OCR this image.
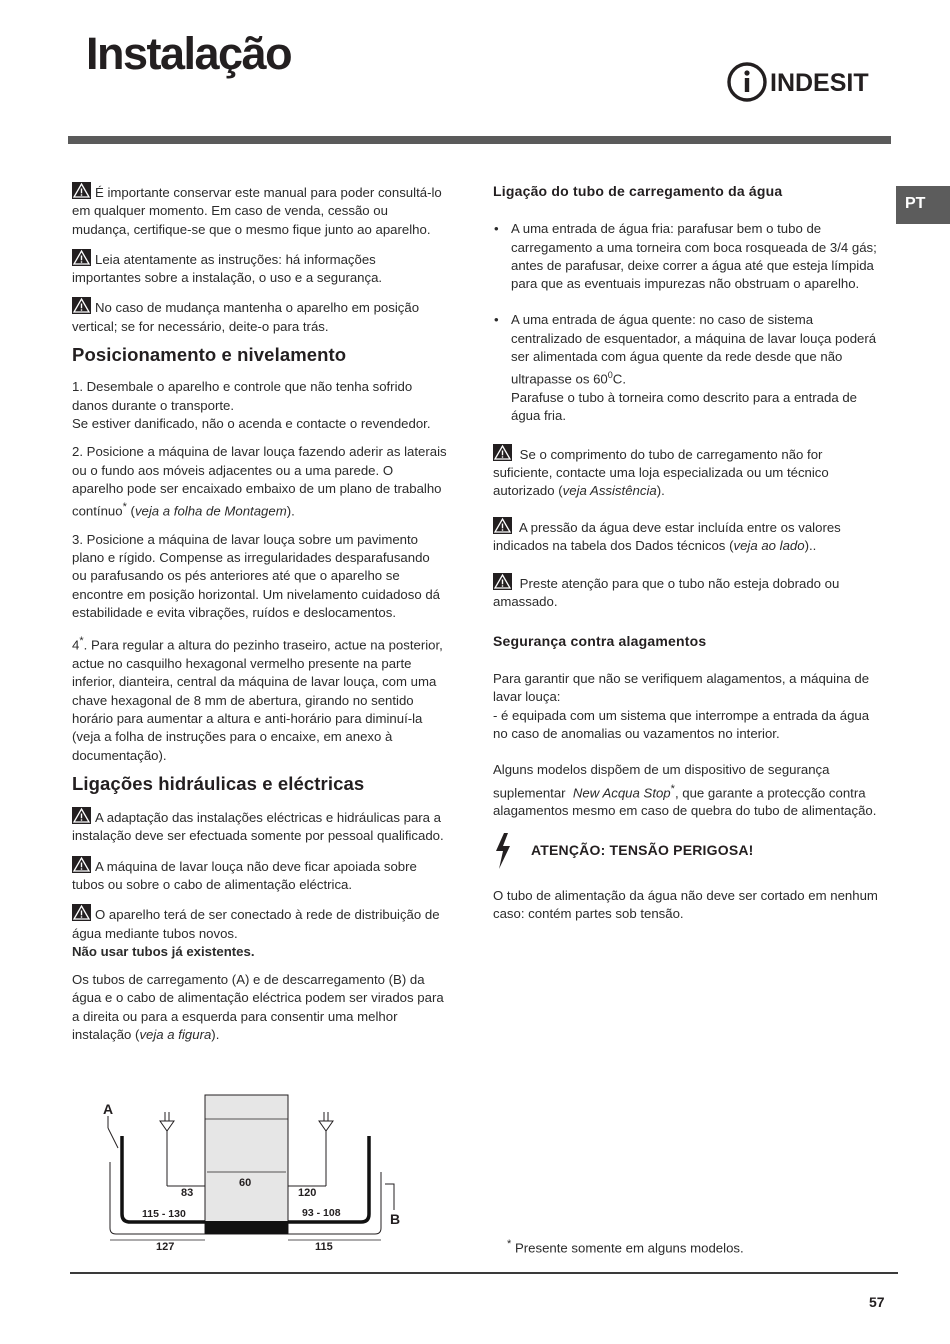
Instalação
INDESIT
PT

É importante conservar este manual para poder consultá-lo em qualquer momento. Em caso de venda, cessão ou mudança, certifique-se que o mesmo fique junto ao aparelho.

Leia atentamente as instruções: há informações importantes sobre a instalação, o uso e a segurança.

No caso de mudança mantenha o aparelho em posição vertical; se for necessário, deite-o para trás.

Posicionamento e nivelamento

1. Desembale o aparelho e controle que não tenha sofrido danos durante o transporte.

Se estiver danificado, não o acenda e contacte o revendedor.

2. Posicione a máquina de lavar louça fazendo aderir as laterais ou o fundo aos móveis adjacentes ou a uma parede. O aparelho pode ser encaixado embaixo de um plano de trabalho contínuo* (veja a folha de Montagem).

3. Posicione a máquina de lavar louça sobre um pavimento plano e rígido. Compense as irregularidades desparafusando ou parafusando os pés anteriores até que o aparelho se encontre em posição horizontal. Um nivelamento cuidadoso dá estabilidade e evita vibrações, ruídos e deslocamentos.

4*. Para regular a altura do pezinho traseiro, actue na posterior, actue no casquilho hexagonal vermelho presente na parte inferior, dianteira, central da máquina de lavar louça, com uma chave hexagonal de 8 mm de abertura, girando no sentido horário para aumentar a altura e anti-horário para diminuí-la (veja a folha de instruções para o encaixe, em anexo à documentação).

Ligações hidráulicas e eléctricas

A adaptação das instalações eléctricas e hidráulicas para a instalação deve ser efectuada somente por pessoal qualificado.

A máquina de lavar louça não deve ficar apoiada sobre tubos ou sobre o cabo de alimentação eléctrica.

O aparelho terá de ser conectado à rede de distribuição de água mediante tubos novos.
Não usar tubos já existentes.

Os tubos de carregamento (A) e de descarregamento (B) da água e o cabo de alimentação eléctrica podem ser virados para a direita ou para a esquerda para consentir uma melhor instalação (veja a figura).

A
B
60
83	120
115 - 130	93 - 108
127	115
Ligação do tubo de carregamento da água
• A uma entrada de água fria: parafusar bem o tubo de carregamento a uma torneira com boca rosqueada de 3/4 gás; antes de parafusar, deixe correr a água até que esteja límpida para que as eventuais impurezas não obstruam o aparelho.
• A uma entrada de água quente: no caso de sistema centralizado de esquentador, a máquina de lavar louça poderá ser alimentada com água quente da rede desde que não ultrapasse os $60^0C$.
Parafuse o tubo à torneira como descrito para a entrada de água fria.

Se o comprimento do tubo de carregamento não for suficiente, contacte uma loja especializada ou um técnico autorizado (veja Assistência).

A pressão da água deve estar incluída entre os valores indicados na tabela dos Dados técnicos (veja ao lado)..

Preste atenção para que o tubo não esteja dobrado ou amassado.

Segurança contra alagamentos

Para garantir que não se verifiquem alagamentos, a máquina de lavar louça:

- é equipada com um sistema que interrompe a entrada da água no caso de anomalias ou vazamentos no interior.

Alguns modelos dispõem de um dispositivo de segurança suplementar New Acqua Stop*, que garante a protecção contra alagamentos mesmo em caso de quebra do tubo de alimentação.

ATENÇÃO: TENSÃO PERIGOSA!

O tubo de alimentação da água não deve ser cortado em nenhum caso: contém partes sob tensão.

* Presente somente em alguns modelos.
57
